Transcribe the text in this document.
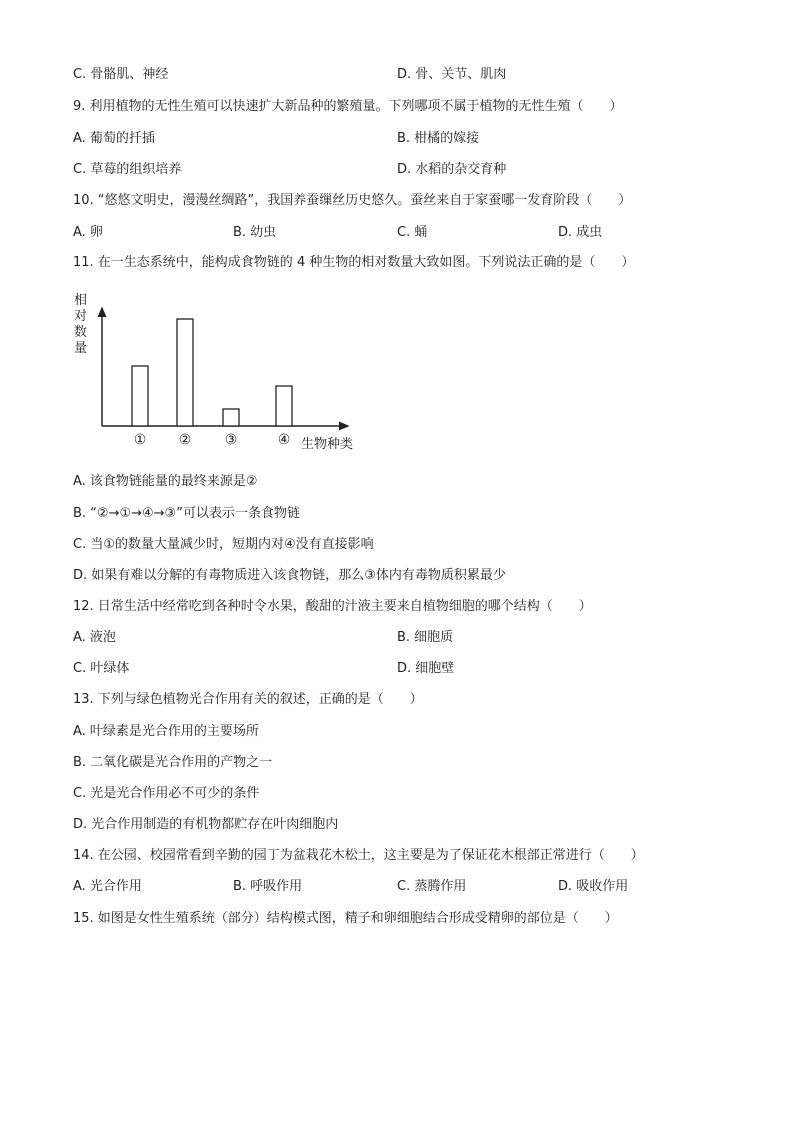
C. 骨骼肌、神经	D. 骨、关节、肌肉
9. 利用植物的无性生殖可以快速扩大新品种的繁殖量。下列哪项不属于植物的无性生殖（　　）
A. 葡萄的扦插	B. 柑橘的嫁接
C. 草莓的组织培养	D. 水稻的杂交育种
10. “悠悠文明史，漫漫丝绸路”，我国养蚕缫丝历史悠久。蚕丝来自于家蚕哪一发育阶段（　　）
A. 卵	B. 幼虫	C. 蛹	D. 成虫
11. 在一生态系统中，能构成食物链的 4 种生物的相对数量大致如图。下列说法正确的是（　　）
A. 该食物链能量的最终来源是②
B. “②→①→④→③”可以表示一条食物链
C. 当①的数量大量减少时，短期内对④没有直接影响
D. 如果有难以分解的有毒物质进入该食物链，那么③体内有毒物质积累最少
12. 日常生活中经常吃到各种时令水果，酸甜的汁液主要来自植物细胞的哪个结构（　　）
A. 液泡	B. 细胞质
C. 叶绿体	D. 细胞壁
13. 下列与绿色植物光合作用有关的叙述，正确的是（　　）
A. 叶绿素是光合作用的主要场所
B. 二氧化碳是光合作用的产物之一
C. 光是光合作用必不可少的条件
D. 光合作用制造的有机物都贮存在叶肉细胞内
14. 在公园、校园常看到辛勤的园丁为盆栽花木松土，这主要是为了保证花木根部正常进行（　　）
A. 光合作用	B. 呼吸作用	C. 蒸腾作用	D. 吸收作用
15. 如图是女性生殖系统（部分）结构模式图，精子和卵细胞结合形成受精卵的部位是（　　）
相
对
数
量
生物种类
① ② ③	④
